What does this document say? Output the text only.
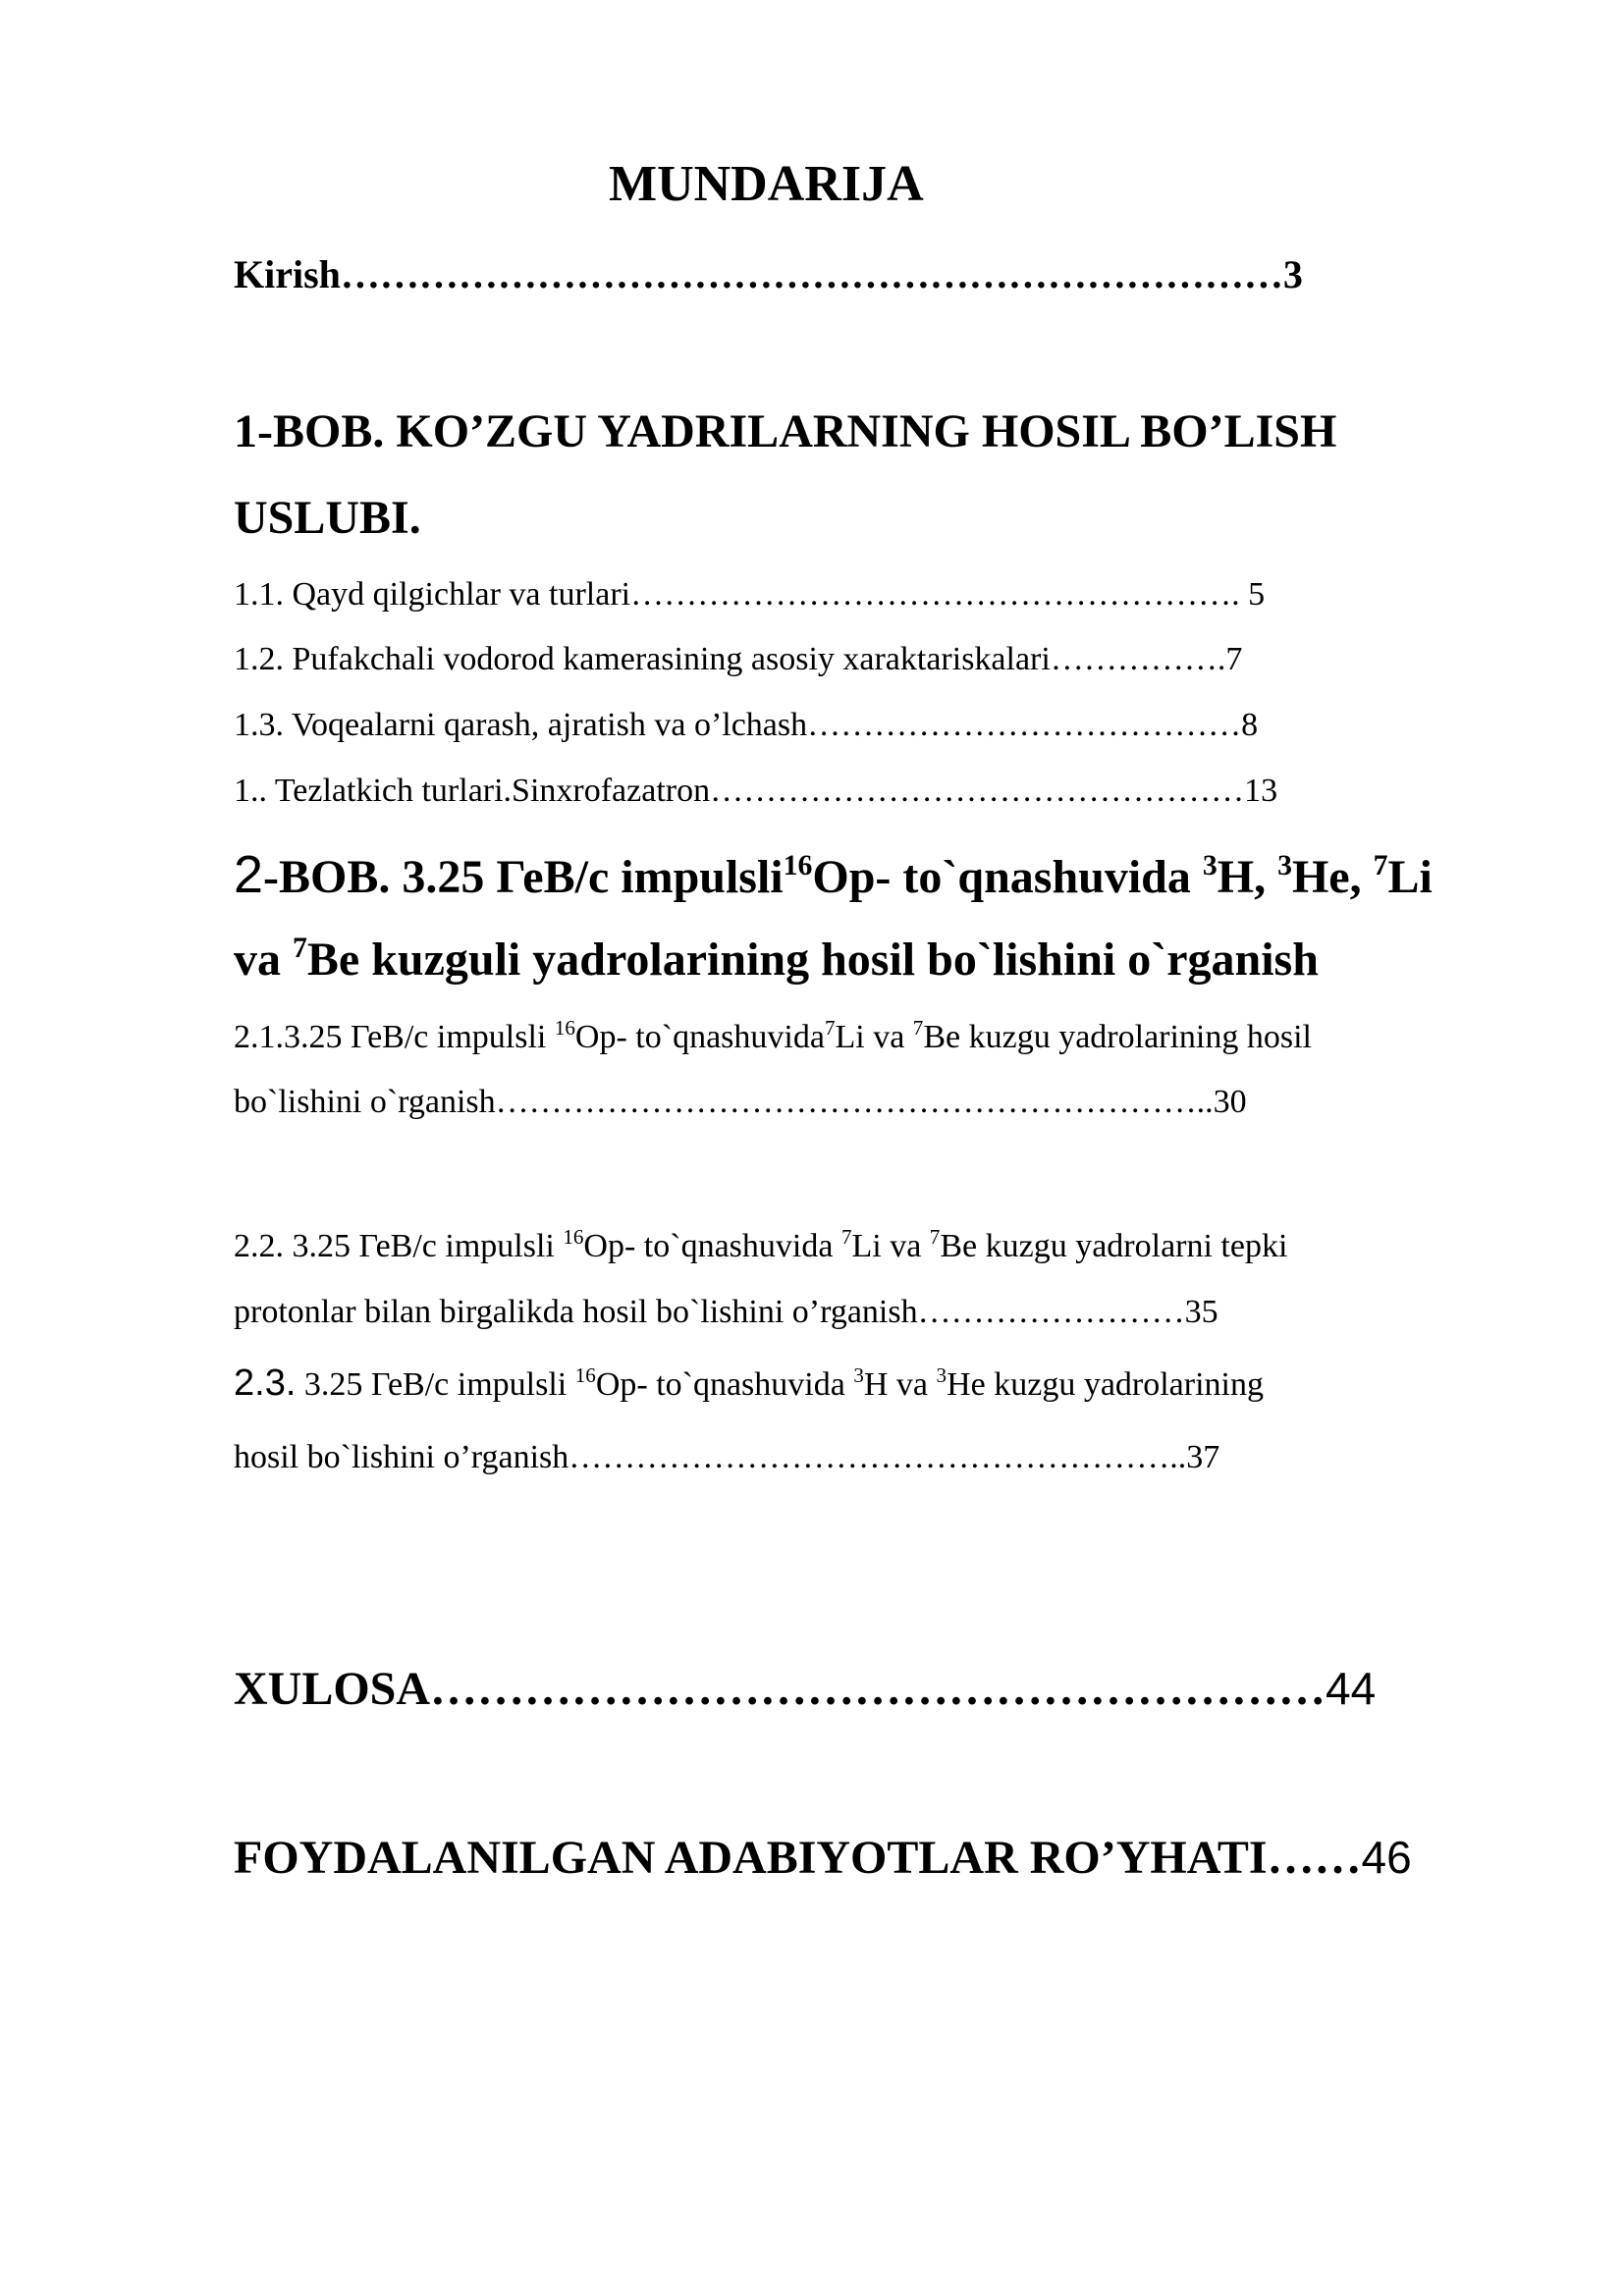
MUNDARIJA
Kirish………………………………………………………………3
1-BOB. KO’ZGU YADRILARNING HOSIL BO’LISH
USLUBI.
1.1. Qayd qilgichlar va turlari………………………………………………. 5
1.2. Pufakchali vodorod kamerasining asosiy xaraktariskalari…………….7
1.3. Voqealarni qarash, ajratish va o’lchash…………………………………8
1.. Tezlatkich turlari.Sinxrofazatron…………………………………………13
2-BOB. 3.25 ГеВ/с impulsli$^{16}$Op- to`qnashuvida $^3$H, $^3$He, $^7$Li
va $^7$Be kuzguli yadrolarining hosil bo`lishini o`rganish
2.1.3.25 ГеВ/с impulsli $^{16}$Op- to`qnashuvida$^7$Li va $^7$Be kuzgu yadrolarining hosil
bo`lishini o`rganish………………………………………………………..30
2.2. 3.25 ГеВ/с impulsli $^{16}$Op- to`qnashuvida $^7$Li va $^7$Be kuzgu yadrolarni tepki
protonlar bilan birgalikda hosil bo`lishini o’rganish……………………35
2.3. 3.25 ГеВ/с impulsli $^{16}$Op- to`qnashuvida $^3$H va $^3$He kuzgu yadrolarining
hosil bo`lishini o’rganish………………………………………………..37
XULOSA…………………………………………………44
FOYDALANILGAN ADABIYOTLAR RO’YHATI……46
